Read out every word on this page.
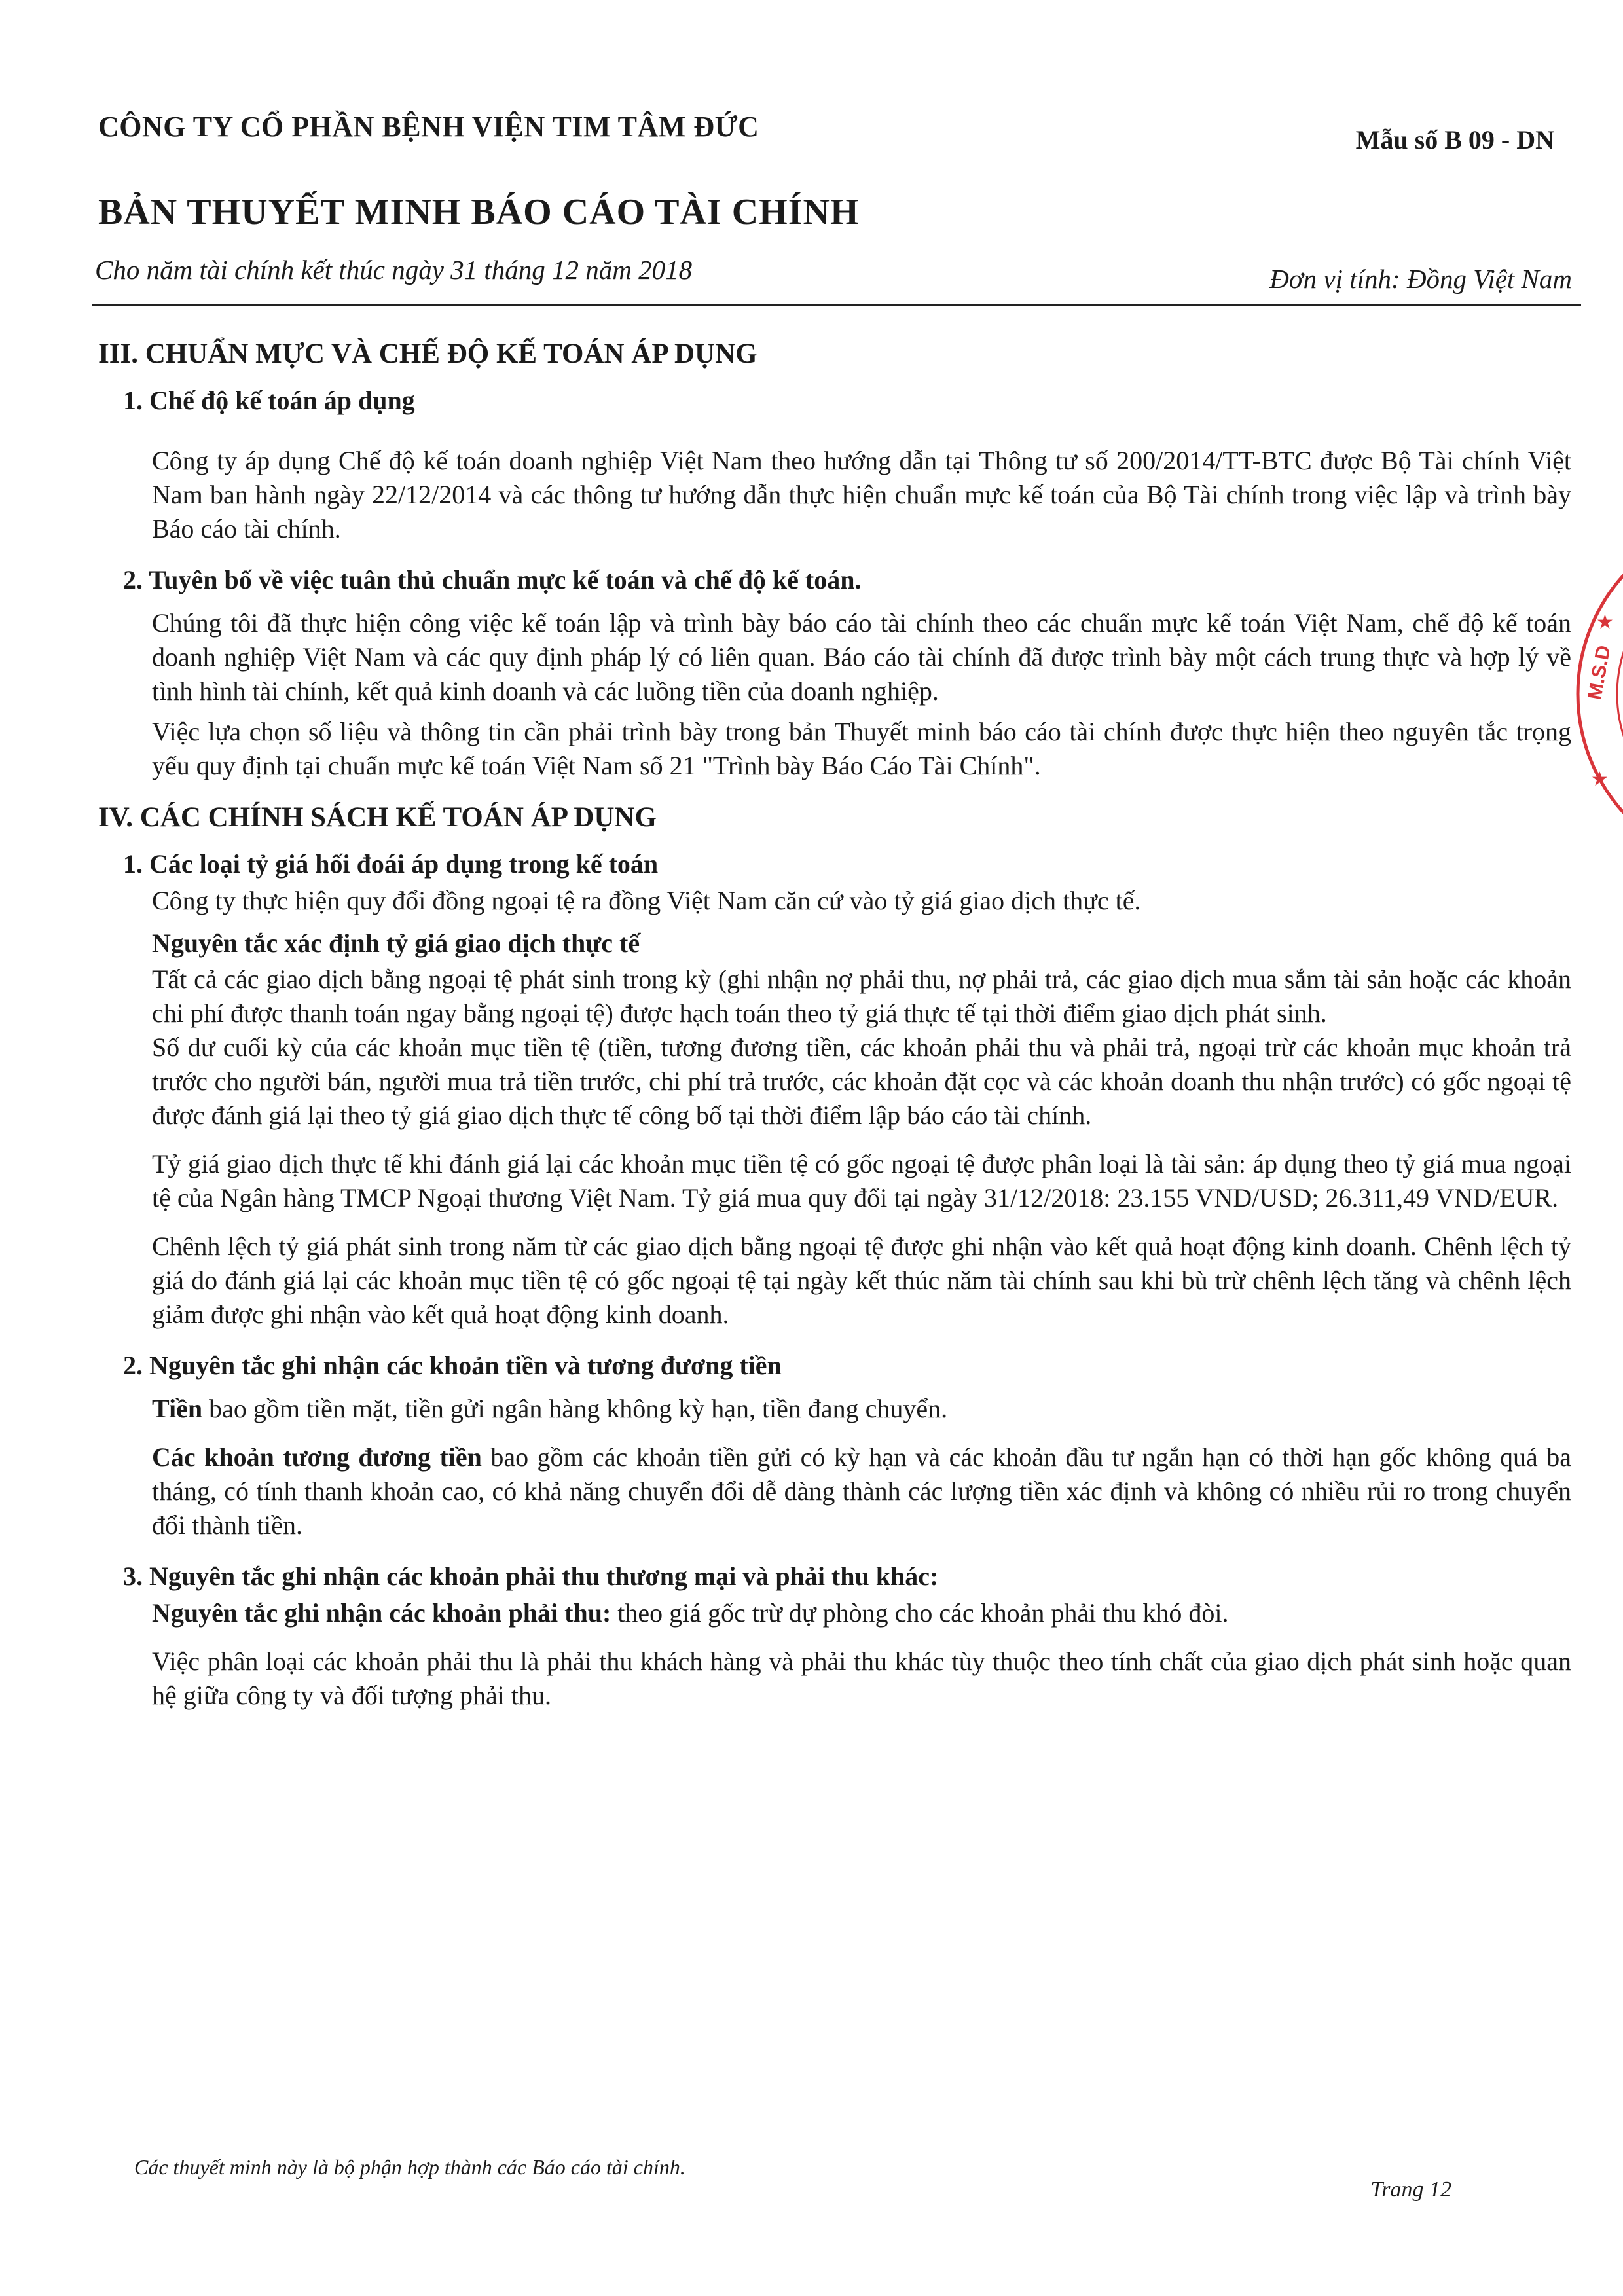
CÔNG TY CỔ PHẦN BỆNH VIỆN TIM TÂM ĐỨC	Mẫu số B 09 - DN
BẢN THUYẾT MINH BÁO CÁO TÀI CHÍNH
Cho năm tài chính kết thúc ngày 31 tháng 12 năm 2018	Đơn vị tính: Đồng Việt Nam
III. CHUẨN MỰC VÀ CHẾ ĐỘ KẾ TOÁN ÁP DỤNG
1. Chế độ kế toán áp dụng

Công ty áp dụng Chế độ kế toán doanh nghiệp Việt Nam theo hướng dẫn tại Thông tư số 200/2014/TT-BTC được Bộ Tài chính Việt Nam ban hành ngày 22/12/2014 và các thông tư hướng dẫn thực hiện chuẩn mực kế toán của Bộ Tài chính trong việc lập và trình bày Báo cáo tài chính.

2. Tuyên bố về việc tuân thủ chuẩn mực kế toán và chế độ kế toán.

Chúng tôi đã thực hiện công việc kế toán lập và trình bày báo cáo tài chính theo các chuẩn mực kế toán Việt Nam, chế độ kế toán doanh nghiệp Việt Nam và các quy định pháp lý có liên quan. Báo cáo tài chính đã được trình bày một cách trung thực và hợp lý về tình hình tài chính, kết quả kinh doanh và các luồng tiền của doanh nghiệp.

Việc lựa chọn số liệu và thông tin cần phải trình bày trong bản Thuyết minh báo cáo tài chính được thực hiện theo nguyên tắc trọng yếu quy định tại chuẩn mực kế toán Việt Nam số 21 "Trình bày Báo Cáo Tài Chính".

IV. CÁC CHÍNH SÁCH KẾ TOÁN ÁP DỤNG
1. Các loại tỷ giá hối đoái áp dụng trong kế toán

Công ty thực hiện quy đổi đồng ngoại tệ ra đồng Việt Nam căn cứ vào tỷ giá giao dịch thực tế.

Nguyên tắc xác định tỷ giá giao dịch thực tế

Tất cả các giao dịch bằng ngoại tệ phát sinh trong kỳ (ghi nhận nợ phải thu, nợ phải trả, các giao dịch mua sắm tài sản hoặc các khoản chi phí được thanh toán ngay bằng ngoại tệ) được hạch toán theo tỷ giá thực tế tại thời điểm giao dịch phát sinh.

Số dư cuối kỳ của các khoản mục tiền tệ (tiền, tương đương tiền, các khoản phải thu và phải trả, ngoại trừ các khoản mục khoản trả trước cho người bán, người mua trả tiền trước, chi phí trả trước, các khoản đặt cọc và các khoản doanh thu nhận trước) có gốc ngoại tệ được đánh giá lại theo tỷ giá giao dịch thực tế công bố tại thời điểm lập báo cáo tài chính.

Tỷ giá giao dịch thực tế khi đánh giá lại các khoản mục tiền tệ có gốc ngoại tệ được phân loại là tài sản: áp dụng theo tỷ giá mua ngoại tệ của Ngân hàng TMCP Ngoại thương Việt Nam. Tỷ giá mua quy đổi tại ngày 31/12/2018: 23.155 VND/USD; 26.311,49 VND/EUR.

Chênh lệch tỷ giá phát sinh trong năm từ các giao dịch bằng ngoại tệ được ghi nhận vào kết quả hoạt động kinh doanh. Chênh lệch tỷ giá do đánh giá lại các khoản mục tiền tệ có gốc ngoại tệ tại ngày kết thúc năm tài chính sau khi bù trừ chênh lệch tăng và chênh lệch giảm được ghi nhận vào kết quả hoạt động kinh doanh.

2. Nguyên tắc ghi nhận các khoản tiền và tương đương tiền

Tiền bao gồm tiền mặt, tiền gửi ngân hàng không kỳ hạn, tiền đang chuyển.

Các khoản tương đương tiền bao gồm các khoản tiền gửi có kỳ hạn và các khoản đầu tư ngắn hạn có thời hạn gốc không quá ba tháng, có tính thanh khoản cao, có khả năng chuyển đổi dễ dàng thành các lượng tiền xác định và không có nhiều rủi ro trong chuyển đổi thành tiền.

3. Nguyên tắc ghi nhận các khoản phải thu thương mại và phải thu khác:

Nguyên tắc ghi nhận các khoản phải thu: theo giá gốc trừ dự phòng cho các khoản phải thu khó đòi.

Việc phân loại các khoản phải thu là phải thu khách hàng và phải thu khác tùy thuộc theo tính chất của giao dịch phát sinh hoặc quan hệ giữa công ty và đối tượng phải thu.

Các thuyết minh này là bộ phận hợp thành các Báo cáo tài chính.
Trang 12
★
★
M.S.D
